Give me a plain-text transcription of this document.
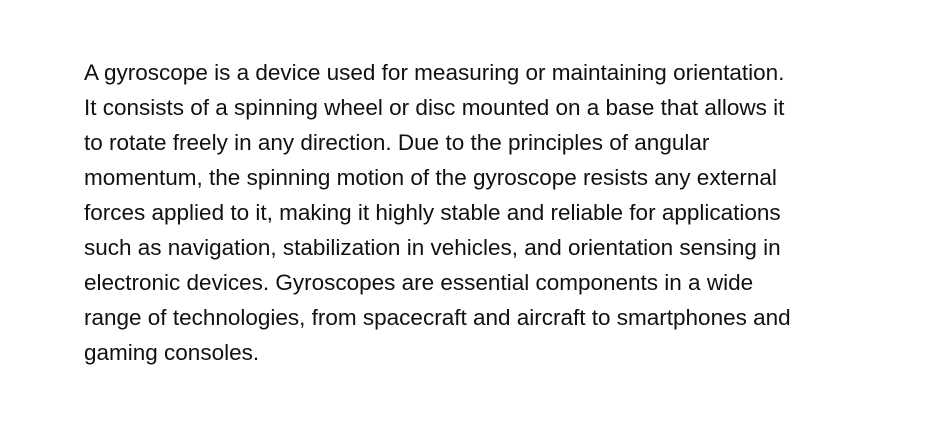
A gyroscope is a device used for measuring or maintaining orientation.
It consists of a spinning wheel or disc mounted on a base that allows it
to rotate freely in any direction. Due to the principles of angular
momentum, the spinning motion of the gyroscope resists any external
forces applied to it, making it highly stable and reliable for applications
such as navigation, stabilization in vehicles, and orientation sensing in
electronic devices. Gyroscopes are essential components in a wide
range of technologies, from spacecraft and aircraft to smartphones and
gaming consoles.
